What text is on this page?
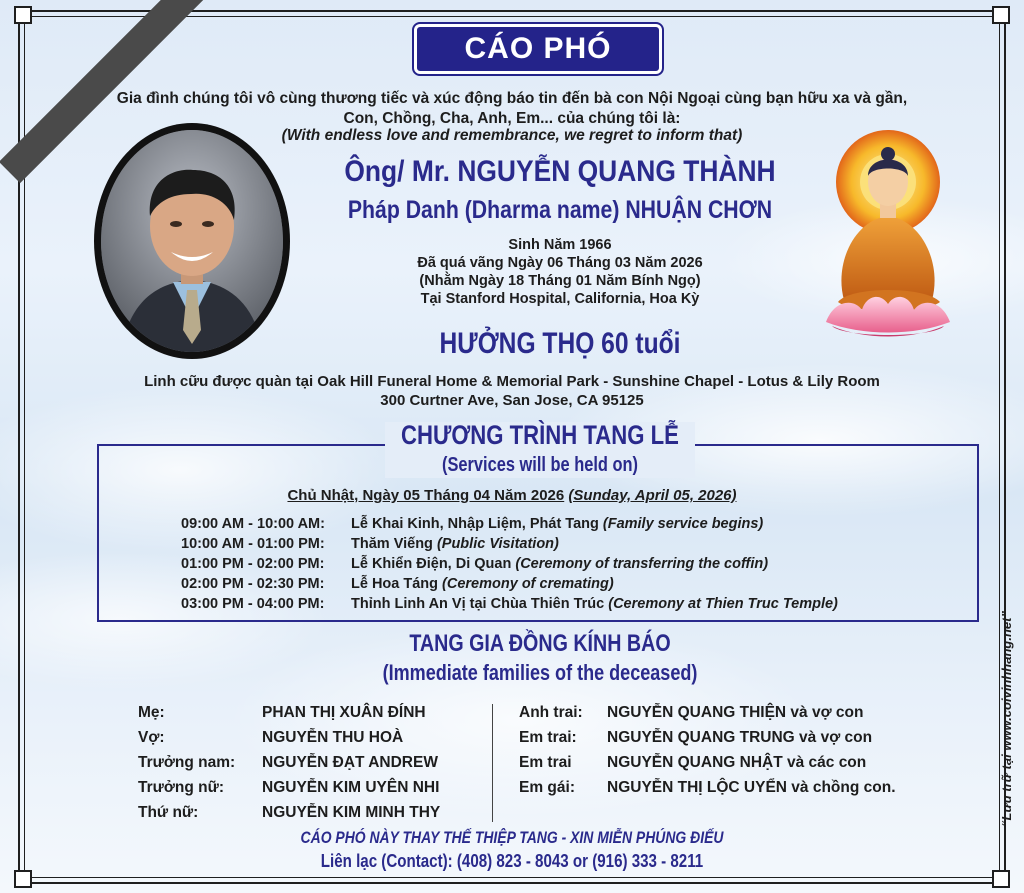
CÁO PHÓ
Gia đình chúng tôi vô cùng thương tiếc và xúc động báo tin đến bà con Nội Ngoại cùng bạn hữu xa và gần,
Con, Chồng, Cha, Anh, Em... của chúng tôi là:
(With endless love and remembrance, we regret to inform that)
Ông/ Mr. NGUYỄN QUANG THÀNH
Pháp Danh (Dharma name) NHUẬN CHƠN
Sinh Năm 1966
Đã quá vãng Ngày 06 Tháng 03 Năm 2026
(Nhằm Ngày 18 Tháng 01 Năm Bính Ngọ)
Tại Stanford Hospital, California, Hoa Kỳ
HƯỞNG THỌ 60 tuổi
Linh cữu được quàn tại Oak Hill Funeral Home & Memorial Park - Sunshine Chapel - Lotus & Lily Room
300 Curtner Ave, San Jose, CA 95125
CHƯƠNG TRÌNH TANG LỄ
(Services will be held on)
Chủ Nhật, Ngày 05 Tháng 04 Năm 2026 (Sunday, April 05, 2026)
09:00 AM - 10:00 AM:	Lễ Khai Kinh, Nhập Liệm, Phát Tang (Family service begins)
10:00 AM - 01:00 PM:	Thăm Viếng (Public Visitation)
01:00 PM - 02:00 PM:	Lễ Khiển Điện, Di Quan (Ceremony of transferring the coffin)
02:00 PM - 02:30 PM:	Lễ Hoa Táng (Ceremony of cremating)
03:00 PM - 04:00 PM:	Thỉnh Linh An Vị tại Chùa Thiên Trúc (Ceremony at Thien Truc Temple)
TANG GIA ĐỒNG KÍNH BÁO
(Immediate families of the deceased)
Mẹ:	PHAN THỊ XUÂN ĐÍNH
Vợ:	NGUYỄN THU HOÀ
Trưởng nam:	NGUYỄN ĐẠT ANDREW
Trưởng nữ:	NGUYỄN KIM UYÊN NHI
Thứ nữ:	NGUYỄN KIM MINH THY
Anh trai:	NGUYỄN QUANG THIỆN và vợ con
Em trai:	NGUYỄN QUANG TRUNG và vợ con
Em trai	NGUYỄN QUANG NHẬT và các con
Em gái:	NGUYỄN THỊ LỘC UYỂN và chồng con.
CÁO PHÓ NÀY THAY THẾ THIỆP TANG - XIN MIỄN PHÚNG ĐIẾU
Liên lạc (Contact): (408) 823 - 8043 or (916) 333 - 8211
“Lưu trữ tại www.coivinhhang.net”
